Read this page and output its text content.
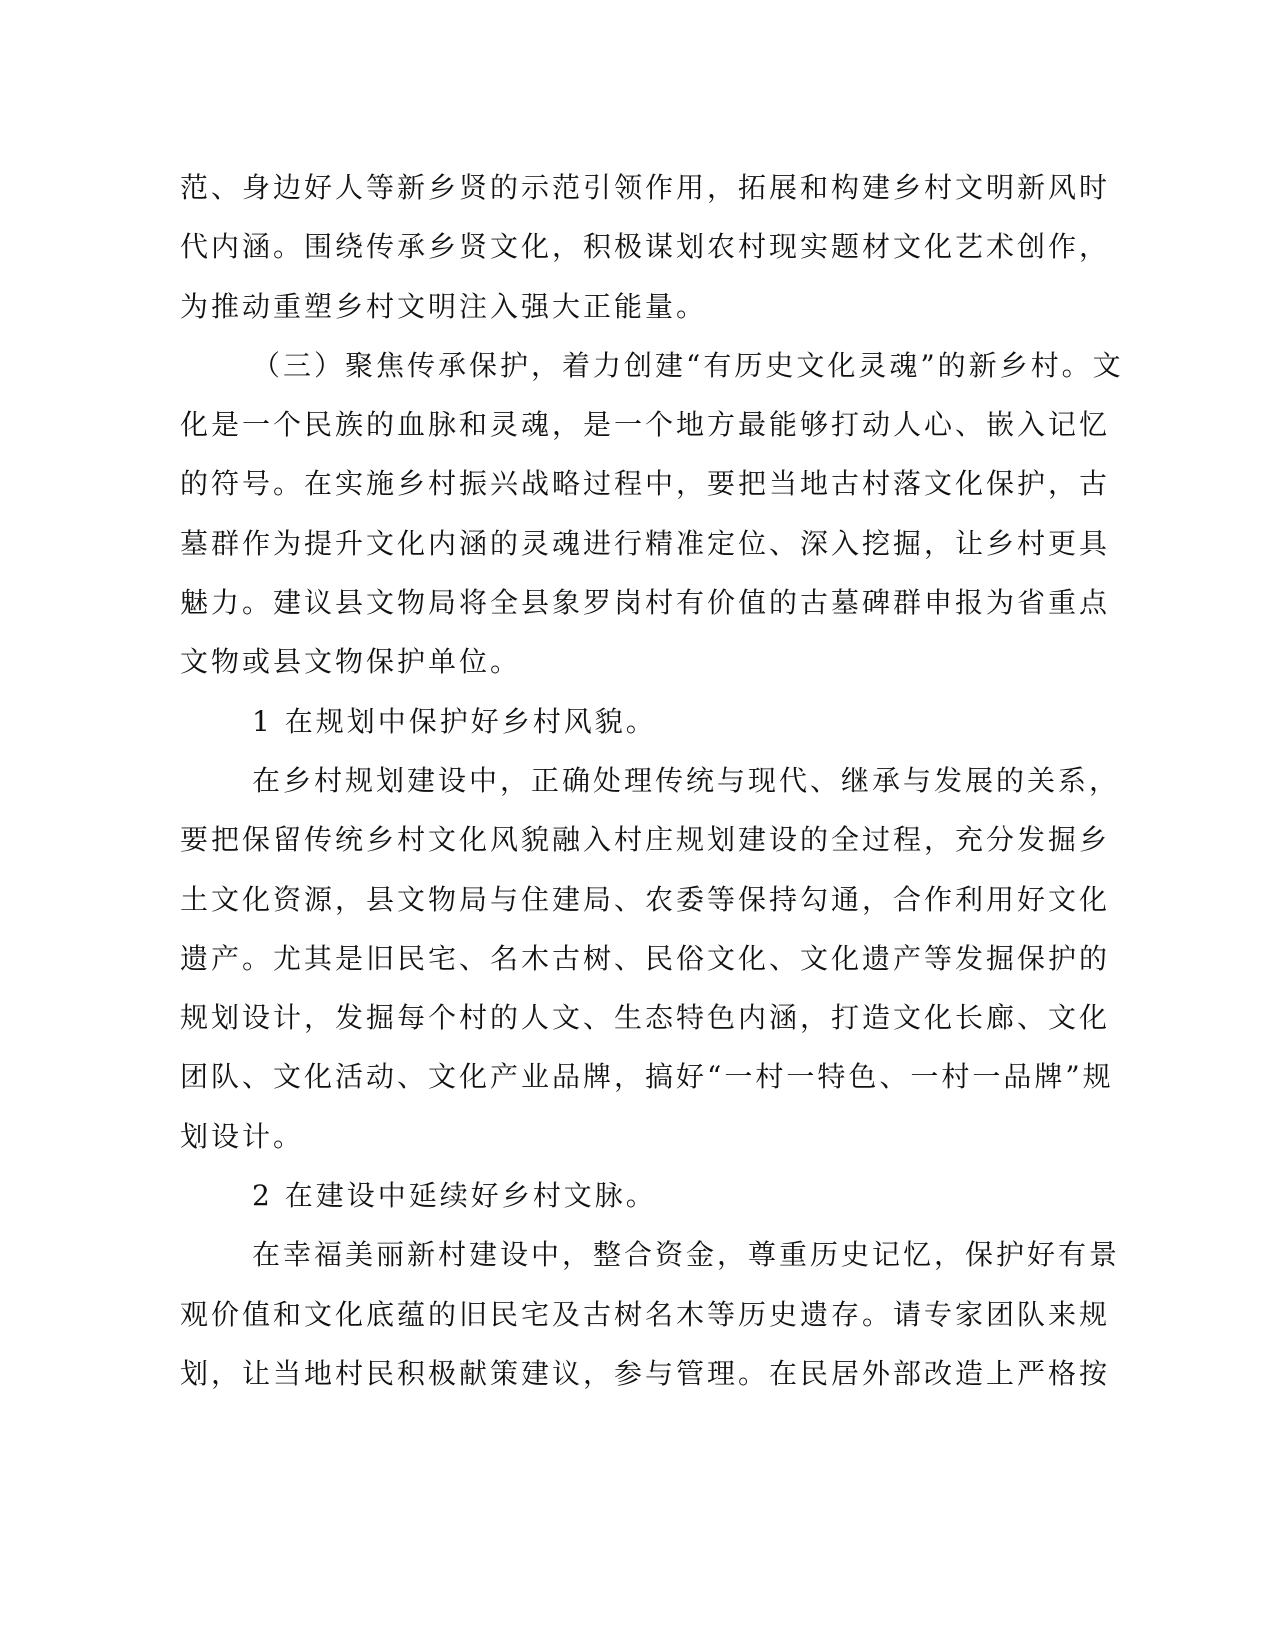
范、身边好人等新乡贤的示范引领作用，拓展和构建乡村文明新风时
代内涵。围绕传承乡贤文化，积极谋划农村现实题材文化艺术创作，
为推动重塑乡村文明注入强大正能量。
（三）聚焦传承保护，着力创建“有历史文化灵魂”的新乡村。文
化是一个民族的血脉和灵魂，是一个地方最能够打动人心、嵌入记忆
的符号。在实施乡村振兴战略过程中，要把当地古村落文化保护，古
墓群作为提升文化内涵的灵魂进行精准定位、深入挖掘，让乡村更具
魅力。建议县文物局将全县象罗岗村有价值的古墓碑群申报为省重点
文物或县文物保护单位。
1 在规划中保护好乡村风貌。
在乡村规划建设中，正确处理传统与现代、继承与发展的关系，
要把保留传统乡村文化风貌融入村庄规划建设的全过程，充分发掘乡
土文化资源，县文物局与住建局、农委等保持勾通，合作利用好文化
遗产。尤其是旧民宅、名木古树、民俗文化、文化遗产等发掘保护的
规划设计，发掘每个村的人文、生态特色内涵，打造文化长廊、文化
团队、文化活动、文化产业品牌，搞好“一村一特色、一村一品牌”规
划设计。
2 在建设中延续好乡村文脉。
在幸福美丽新村建设中，整合资金，尊重历史记忆，保护好有景
观价值和文化底蕴的旧民宅及古树名木等历史遗存。请专家团队来规
划，让当地村民积极献策建议，参与管理。在民居外部改造上严格按
